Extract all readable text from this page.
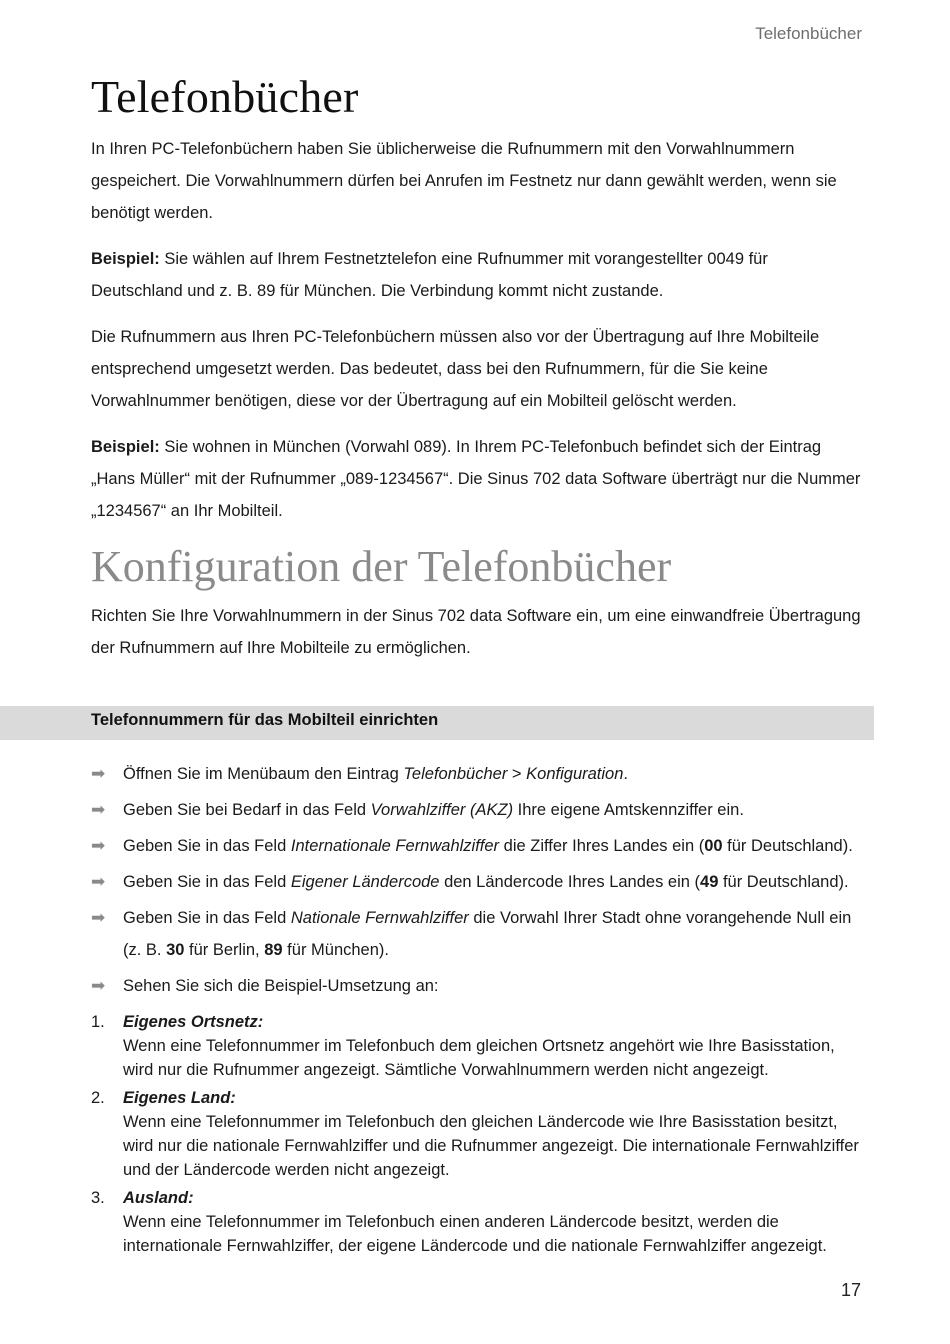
Telefonbücher
Telefonbücher

In Ihren PC-Telefonbüchern haben Sie üblicherweise die Rufnummern mit den Vorwahlnummern gespeichert. Die Vorwahlnummern dürfen bei Anrufen im Festnetz nur dann gewählt werden, wenn sie benötigt werden.

Beispiel: Sie wählen auf Ihrem Festnetztelefon eine Rufnummer mit vorangestellter 0049 für Deutschland und z. B. 89 für München. Die Verbindung kommt nicht zustande.

Die Rufnummern aus Ihren PC-Telefonbüchern müssen also vor der Übertragung auf Ihre Mobilteile entsprechend umgesetzt werden. Das bedeutet, dass bei den Rufnummern, für die Sie keine Vorwahlnummer benötigen, diese vor der Übertragung auf ein Mobilteil gelöscht werden.

Beispiel: Sie wohnen in München (Vorwahl 089). In Ihrem PC-Telefonbuch befindet sich der Eintrag „Hans Müller“ mit der Rufnummer „089-1234567“. Die Sinus 702 data Software überträgt nur die Nummer „1234567“ an Ihr Mobilteil.

Konfiguration der Telefonbücher

Richten Sie Ihre Vorwahlnummern in der Sinus 702 data Software ein, um eine einwandfreie Übertragung der Rufnummern auf Ihre Mobilteile zu ermöglichen.

Telefonnummern für das Mobilteil einrichten
➡ Öffnen Sie im Menübaum den Eintrag Telefonbücher > Konfiguration.
➡ Geben Sie bei Bedarf in das Feld Vorwahlziffer (AKZ) Ihre eigene Amtskennziffer ein.
➡ Geben Sie in das Feld Internationale Fernwahlziffer die Ziffer Ihres Landes ein (00 für Deutschland).
➡ Geben Sie in das Feld Eigener Ländercode den Ländercode Ihres Landes ein (49 für Deutschland).
➡ Geben Sie in das Feld Nationale Fernwahlziffer die Vorwahl Ihrer Stadt ohne vorangehende Null ein (z. B. 30 für Berlin, 89 für München).
➡ Sehen Sie sich die Beispiel-Umsetzung an:
1. Eigenes Ortsnetz:
Wenn eine Telefonnummer im Telefonbuch dem gleichen Ortsnetz angehört wie Ihre Basisstation, wird nur die Rufnummer angezeigt. Sämtliche Vorwahlnummern werden nicht angezeigt.
2. Eigenes Land:
Wenn eine Telefonnummer im Telefonbuch den gleichen Ländercode wie Ihre Basisstation besitzt, wird nur die nationale Fernwahlziffer und die Rufnummer angezeigt. Die internationale Fernwahlziffer und der Ländercode werden nicht angezeigt.
3. Ausland:
Wenn eine Telefonnummer im Telefonbuch einen anderen Ländercode besitzt, werden die internationale Fernwahlziffer, der eigene Ländercode und die nationale Fernwahlziffer angezeigt.
17
